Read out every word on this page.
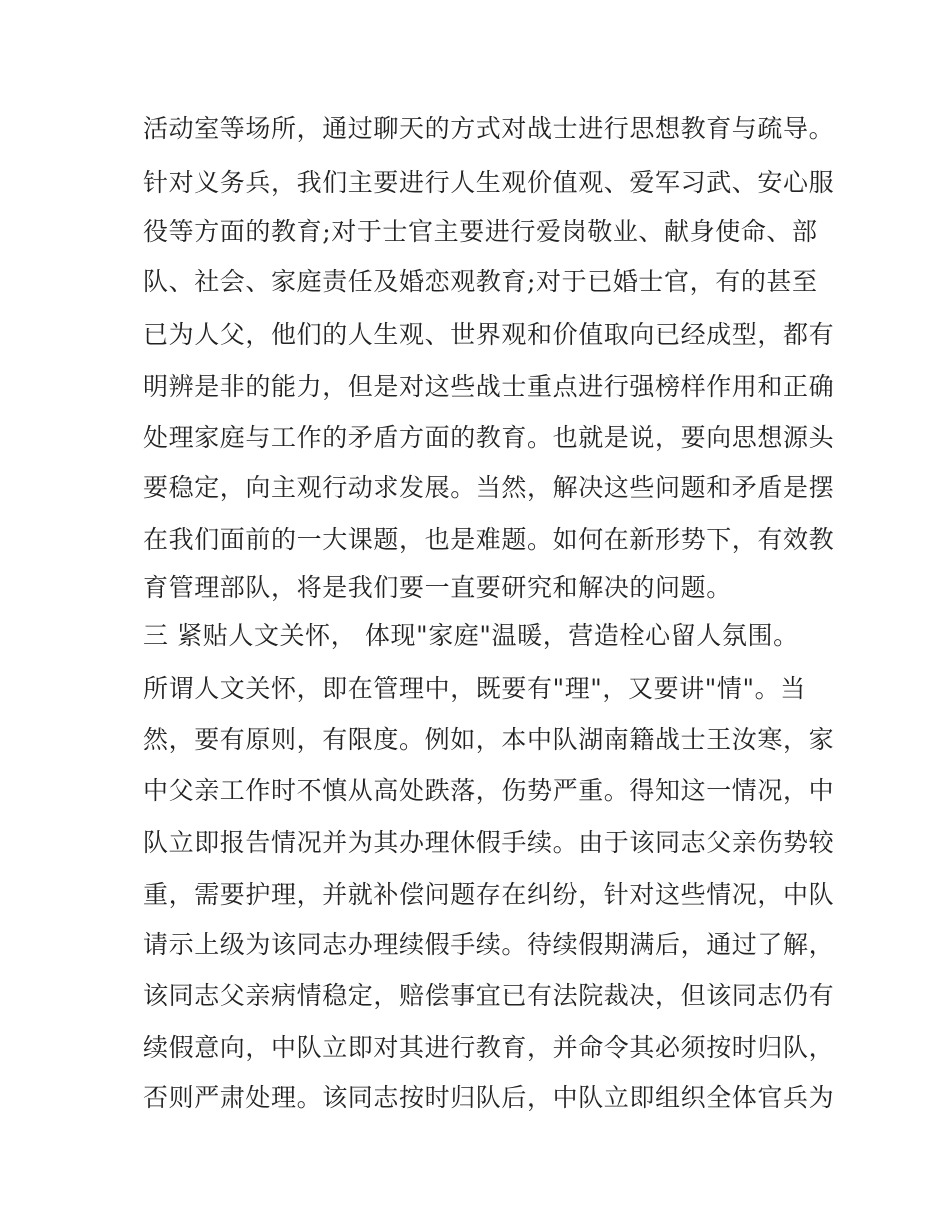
活动室等场所，通过聊天的方式对战士进行思想教育与疏导。
针对义务兵，我们主要进行人生观价值观、爱军习武、安心服
役等方面的教育;对于士官主要进行爱岗敬业、献身使命、部
队、社会、家庭责任及婚恋观教育;对于已婚士官，有的甚至
已为人父，他们的人生观、世界观和价值取向已经成型，都有
明辨是非的能力，但是对这些战士重点进行强榜样作用和正确
处理家庭与工作的矛盾方面的教育。也就是说，要向思想源头
要稳定，向主观行动求发展。当然，解决这些问题和矛盾是摆
在我们面前的一大课题，也是难题。如何在新形势下，有效教
育管理部队，将是我们要一直要研究和解决的问题。
三 紧贴人文关怀， 体现"家庭"温暖，营造栓心留人氛围。
所谓人文关怀，即在管理中，既要有"理"，又要讲"情"。当
然，要有原则，有限度。例如，本中队湖南籍战士王汝寒，家
中父亲工作时不慎从高处跌落，伤势严重。得知这一情况，中
队立即报告情况并为其办理休假手续。由于该同志父亲伤势较
重，需要护理，并就补偿问题存在纠纷，针对这些情况，中队
请示上级为该同志办理续假手续。待续假期满后，通过了解，
该同志父亲病情稳定，赔偿事宜已有法院裁决，但该同志仍有
续假意向，中队立即对其进行教育，并命令其必须按时归队，
否则严肃处理。该同志按时归队后，中队立即组织全体官兵为
